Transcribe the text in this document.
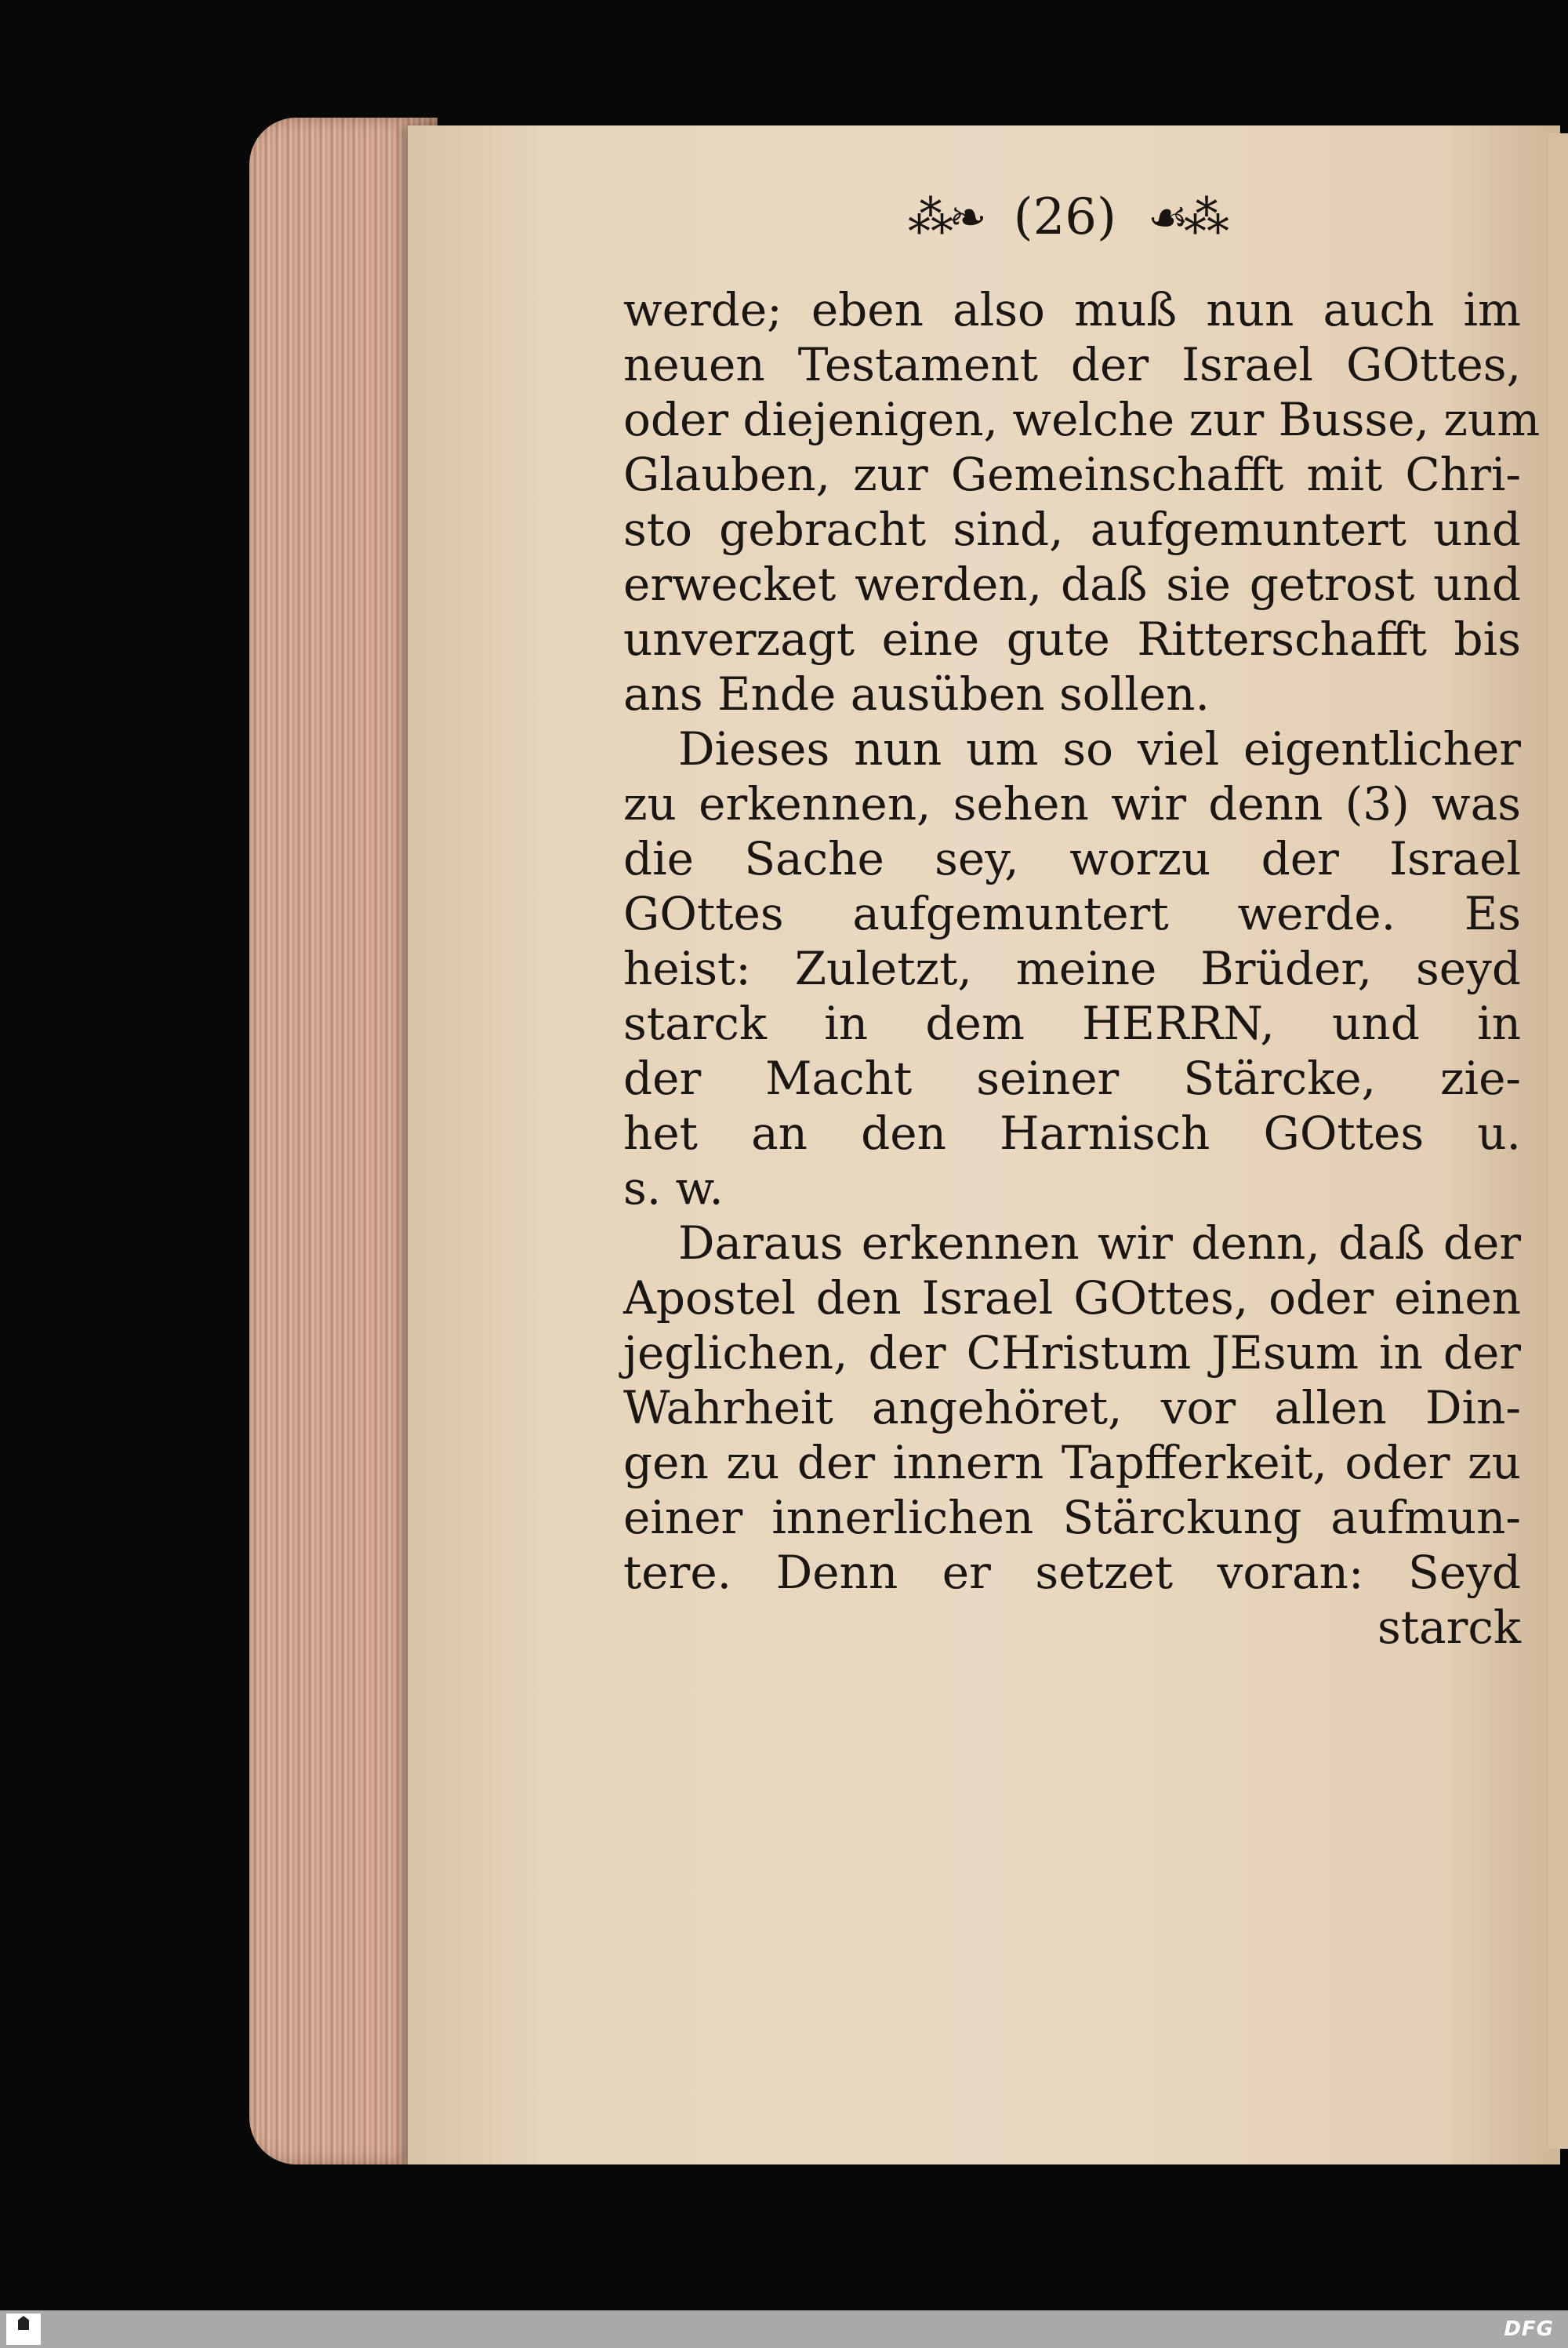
⁂❧ (26) ☙⁂
werde; eben also muß nun auch im
neuen Testament der Israel GOttes,
oder diejenigen, welche zur Busse, zum
Glauben, zur Gemeinschafft mit Chri-
sto gebracht sind, aufgemuntert und
erwecket werden, daß sie getrost und
unverzagt eine gute Ritterschafft bis
ans Ende ausüben sollen.
Dieses nun um so viel eigentlicher
zu erkennen, sehen wir denn (3) was
die Sache sey, worzu der Israel
GOttes aufgemuntert werde. Es
heist: Zuletzt, meine Brüder, seyd
starck in dem HERRN, und in
der Macht seiner Stärcke, zie-
het an den Harnisch GOttes u.
s. w.
Daraus erkennen wir denn, daß der
Apostel den Israel GOttes, oder einen
jeglichen, der CHristum JEsum in der
Wahrheit angehöret, vor allen Din-
gen zu der innern Tapfferkeit, oder zu
einer innerlichen Stärckung aufmun-
tere. Denn er setzet voran: Seyd
starck
DFG
